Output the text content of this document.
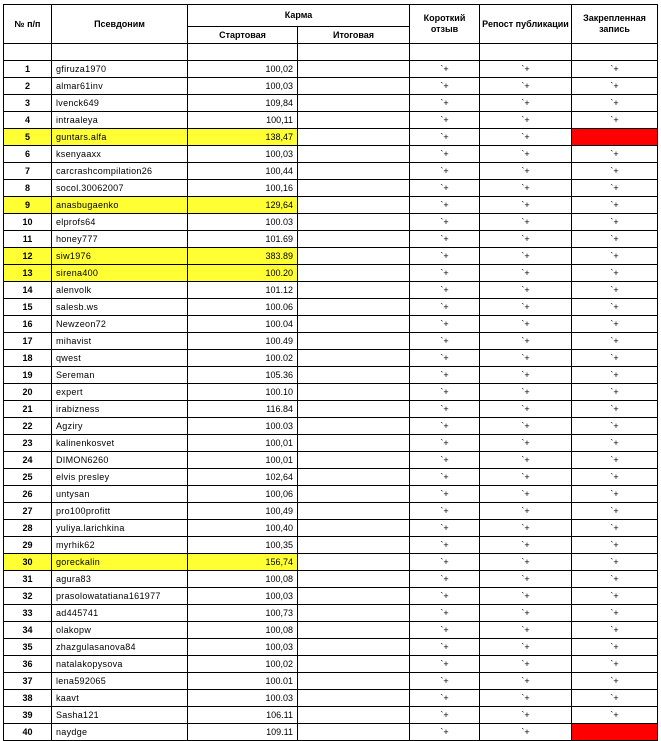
№ п/п	Псевдоним	Карма		Короткий отзыв	Репост публикации	Закрепленная запись
		Стартовая	Итоговая			

1	gfiruza1970	100,02		`+	`+	`+
2	almar61inv	100,03		`+	`+	`+
3	lvenck649	109,84		`+	`+	`+
4	intraaleya	100,11		`+	`+	`+
5	guntars.alfa	138,47		`+	`+	
6	ksenyaaxx	100,03		`+	`+	`+
7	carcrashcompilation26	100,44		`+	`+	`+
8	socol.30062007	100,16		`+	`+	`+
9	anasbugaenko	129,64		`+	`+	`+
10	elprofs64	100.03		`+	`+	`+
11	honey777	101.69		`+	`+	`+
12	siw1976	383.89		`+	`+	`+
13	sirena400	100.20		`+	`+	`+
14	alenvolk	101.12		`+	`+	`+
15	salesb.ws	100.06		`+	`+	`+
16	Newzeon72	100.04		`+	`+	`+
17	mihavist	100.49		`+	`+	`+
18	qwest	100.02		`+	`+	`+
19	Sereman	105.36		`+	`+	`+
20	expert	100.10		`+	`+	`+
21	irabizness	116.84		`+	`+	`+
22	Agziry	100.03		`+	`+	`+
23	kalinenkosvet	100,01		`+	`+	`+
24	DIMON6260	100,01		`+	`+	`+
25	elvis presley	102,64		`+	`+	`+
26	untysan	100,06		`+	`+	`+
27	pro100profitt	100,49		`+	`+	`+
28	yuliya.larichkina	100,40		`+	`+	`+
29	myrhik62	100,35		`+	`+	`+
30	goreckalin	156,74		`+	`+	`+
31	agura83	100,08		`+	`+	`+
32	prasolowatatiana161977	100,03		`+	`+	`+
33	ad445741	100,73		`+	`+	`+
34	olakopw	100,08		`+	`+	`+
35	zhazgulasanova84	100,03		`+	`+	`+
36	natalakopysova	100,02		`+	`+	`+
37	lena592065	100.01		`+	`+	`+
38	kaavt	100.03		`+	`+	`+
39	Sasha121	106.11		`+	`+	`+
40	naydge	109.11		`+	`+	
